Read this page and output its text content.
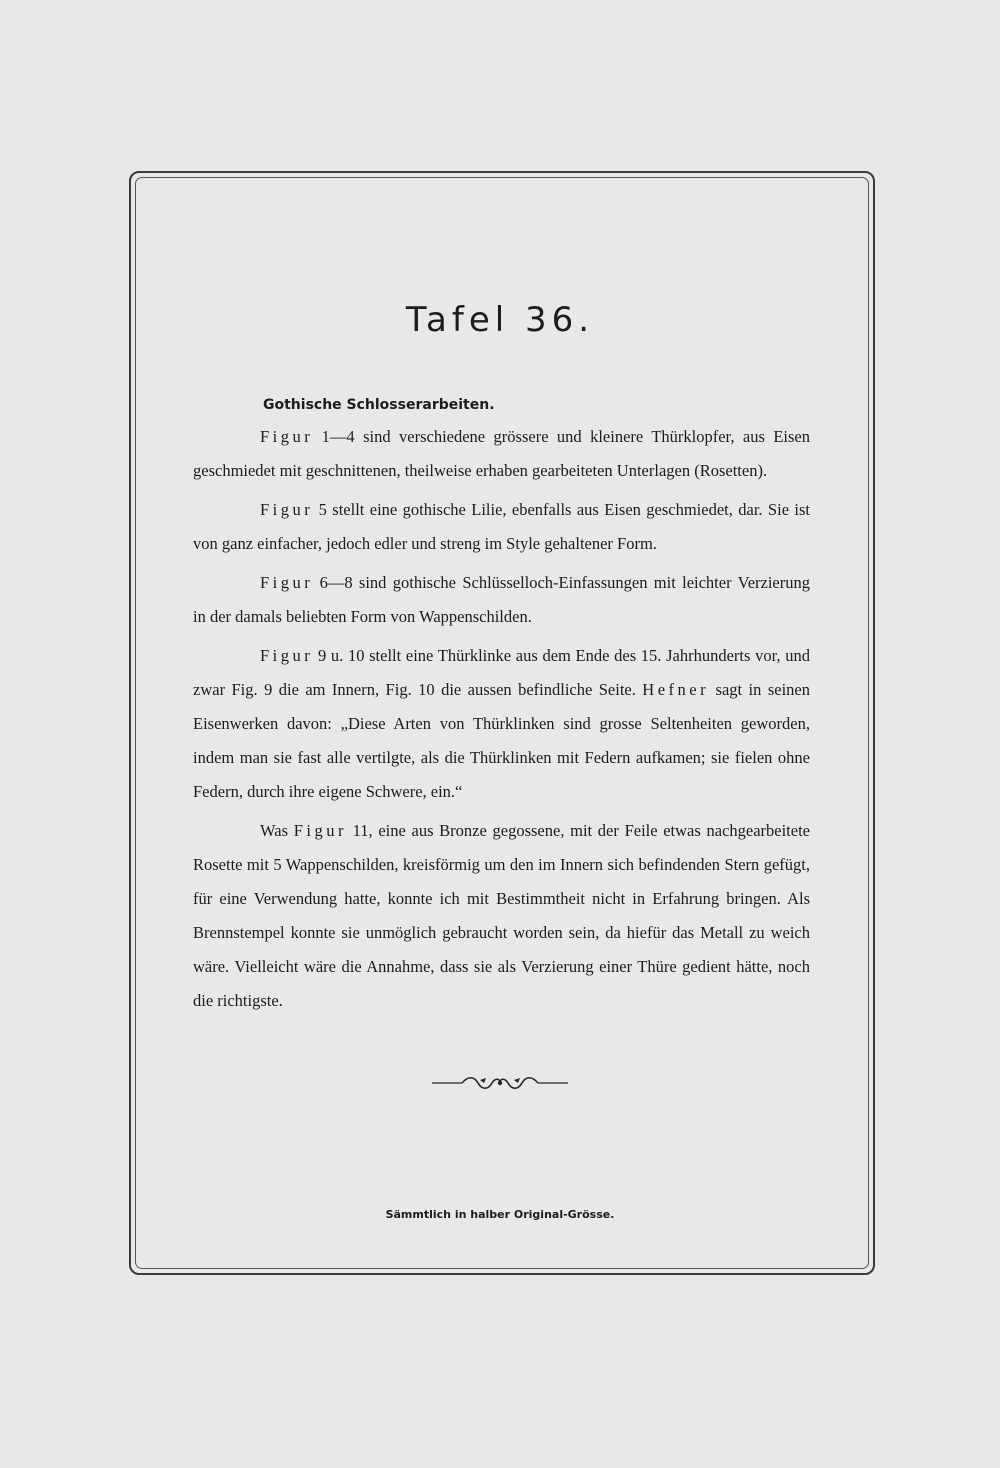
Tafel 36.
Gothische Schlosserarbeiten.

Figur 1—4 sind verschiedene grössere und kleinere Thürklopfer, aus Eisen geschmiedet mit geschnittenen, theilweise erhaben gearbeiteten Unterlagen (Rosetten).

Figur 5 stellt eine gothische Lilie, ebenfalls aus Eisen geschmiedet, dar. Sie ist von ganz einfacher, jedoch edler und streng im Style gehaltener Form.

Figur 6—8 sind gothische Schlüsselloch-Einfassungen mit leichter Verzierung in der damals beliebten Form von Wappenschilden.

Figur 9 u. 10 stellt eine Thürklinke aus dem Ende des 15. Jahrhunderts vor, und zwar Fig. 9 die am Innern, Fig. 10 die aussen befindliche Seite. Hefner sagt in seinen Eisenwerken davon: „Diese Arten von Thürklinken sind grosse Seltenheiten geworden, indem man sie fast alle vertilgte, als die Thürklinken mit Federn aufkamen; sie fielen ohne Federn, durch ihre eigene Schwere, ein.“

Was Figur 11, eine aus Bronze gegossene, mit der Feile etwas nachgearbeitete Rosette mit 5 Wappenschilden, kreisförmig um den im Innern sich befindenden Stern gefügt, für eine Verwendung hatte, konnte ich mit Bestimmtheit nicht in Erfahrung bringen. Als Brennstempel konnte sie unmöglich gebraucht worden sein, da hiefür das Metall zu weich wäre. Vielleicht wäre die Annahme, dass sie als Verzierung einer Thüre gedient hätte, noch die richtigste.

Sämmtlich in halber Original-Grösse.
